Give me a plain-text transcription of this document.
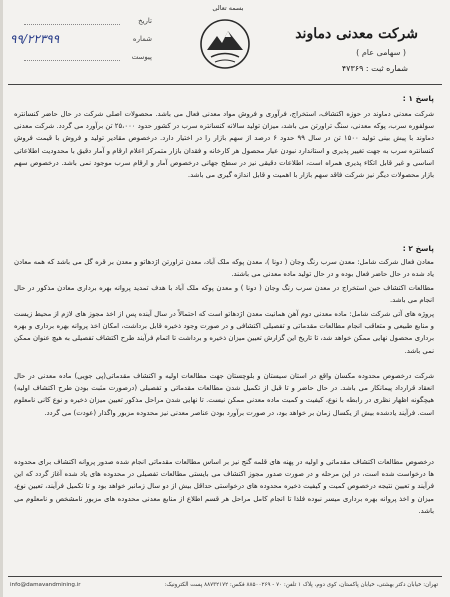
بسمه تعالی
شرکت معدنی دماوند
( سهامی عام )
شماره ثبت : ۴۷۳۶۹
تاریخ
۹۹/۲۲۳۹۹	شماره
پیوست
پاسخ ۱ :
شرکت معدنی دماوند در حوزه اکتشاف، استخراج، فرآوری و فروش مواد معدنی فعال می باشد. محصولات اصلی شرکت در حال حاضر کنسانتره سولفوره سرب، پوکه معدنی، سنگ تراورتن می باشد، میزان تولید سالانه کنسانتره سرب در کشور حدود ۲۵،۰۰۰ تن برآورد می گردد. شرکت معدنی دماوند با پیش بینی تولید ۱۵۰۰ تن در سال ۹۹ حدود ۶ درصد از سهم بازار را در اختیار دارد. درخصوص مقادیر تولید و فروش با قیمت فروش کنسانتره سرب به جهت تغییر پذیری و استاندارد نبودن عیار محصول هر کارخانه و فقدان بازار متمرکز اعلام ارقام و آمار دقیق با محدودیت اطلاعاتی اساسی و غیر قابل اتکاء پذیری همراه است، اطلاعات دقیقی نیز در سطح جهانی درخصوص آمار و ارقام سرب موجود نمی باشد. درخصوص سهم بازار محصولات دیگر نیز شرکت فاقد سهم بازار با اهمیت و قابل اندازه گیری می باشد.
پاسخ ۲ :
معادن فعال شرکت شامل: معدن سرب رنگ وجان ( دونا )، معدن پوکه ملک آباد، معدن تراورتن اژدهاتو و معدن بر قره گل می باشد که همه معادن یاد شده در حال حاضر فعال بوده و در حال تولید ماده معدنی می باشند.
مطالعات اکتشاف حین استخراج در معدن سرب رنگ وجان ( دونا ) و معدن پوکه ملک آباد با هدف تمدید پروانه بهره برداری معادن مذکور در حال انجام می باشد.
پروژه های آتی شرکت شامل: ماده معدنی دوم آهن همانیت معدن اژدهاتو است که احتمالاً در سال آینده پس از اخذ مجوز های لازم از محیط زیست و منابع طبیعی و متعاقب انجام مطالعات مقدماتی و تفصیلی اکتشافی و در صورت وجود ذخیره قابل برداشت، امکان اخذ پروانه بهره برداری و بهره برداری محصول نهایی ممکن خواهد شد، تا تاریخ این گزارش تعیین میزان ذخیره و برداشت تا اتمام فرآیند طرح اکتشاف تفصیلی به هیچ عنوان ممکن نمی باشد.
شرکت درخصوص محدوده مکسان واقع در استان سیستان و بلوچستان جهت مطالعات اولیه و اکتشاف مقدماتی(پی جویی) ماده معدنی در حال انعقاد قرارداد پیمانکار می باشد. در حال حاضر و تا قبل از تکمیل شدن مطالعات مقدماتی و تفصیلی (درصورت مثبت بودن طرح اکتشاف اولیه) هیچگونه اظهار نظری در رابطه با نوع، کیفیت و کمیت ماده معدنی ممکن نیست. تا نهایی شدن مراحل مذکور تعیین میزان ذخیره و نوع کانی نامعلوم است. فرآیند یادشده بیش از یکسال زمان بر خواهد بود، در صورت برآورد بودن عناصر معدنی نیز محدوده مزبور واگذار (عودت) می گردد.
درخصوص مطالعات اکتشاف مقدماتی و اولیه در پهنه های قلمه گنج نیز بر اساس مطالعات مقدماتی انجام شده صدور پروانه اکتشاف برای محدوده ها درخواست شده است، در این مرحله و در صورت صدور مجوز اکتشاف می بایستی مطالعات تفصیلی در محدوده های یاد شده آغاز گردد که این فرآیند و تعیین نتیجه درخصوص کمیت و کیفیت ذخیره محدوده های درخواستی حداقل بیش از دو سال زمانبر خواهد بود و تا تکمیل فرآیند، تعیین نوع، میزان و اخذ پروانه بهره برداری میسر نبوده فلذا تا انجام کامل مراحل هر قسم اطلاع از منابع معدنی محدوده های مزبور نامشخص و نامعلوم می باشد.
info@damavandmining.ir	تهران: خیابان دکتر بهشتی، خیابان پاکستان، کوی دوم، پلاک ۱ تلفن: ۷۰ - ۸۸۵۰۰۲۶۹ فکس: ۸۸۷۳۲۱۷۲ پست الکترونیک:
